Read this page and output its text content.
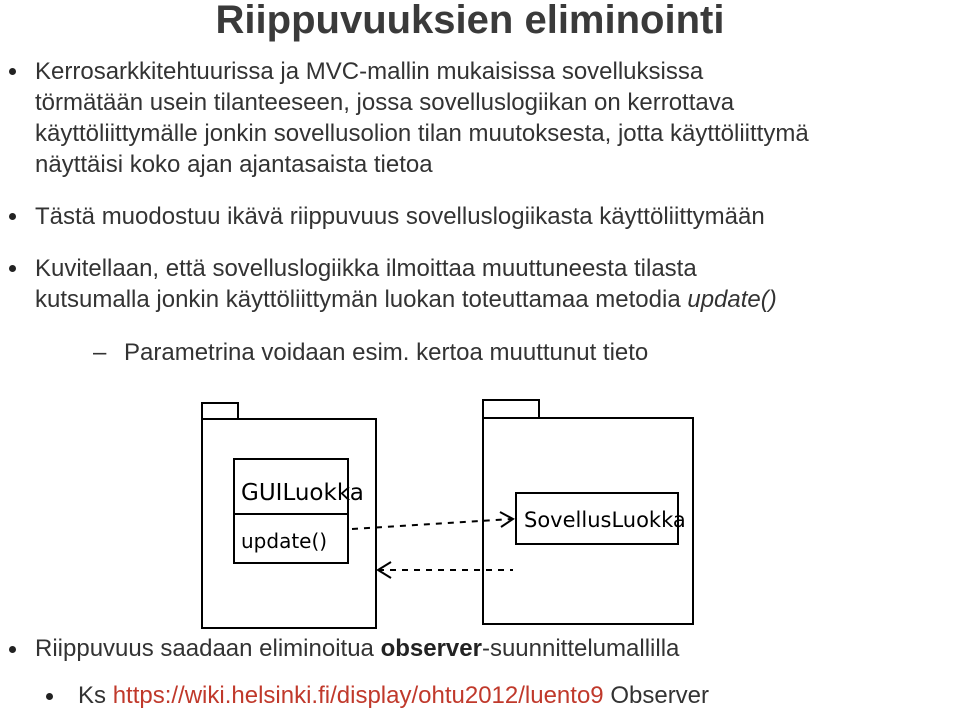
Riippuvuuksien eliminointi
Kerrosarkkitehtuurissa ja MVC-mallin mukaisissa sovelluksissa
törmätään usein tilanteeseen, jossa sovelluslogiikan on kerrottava
käyttöliittymälle jonkin sovellusolion tilan muutoksesta, jotta käyttöliittymä
näyttäisi koko ajan ajantasaista tietoa
Tästä muodostuu ikävä riippuvuus sovelluslogiikasta käyttöliittymään
Kuvitellaan, että sovelluslogiikka ilmoittaa muuttuneesta tilasta
kutsumalla jonkin käyttöliittymän luokan toteuttamaa metodia update()
– Parametrina voidaan esim. kertoa muuttunut tieto
GUILuokka
update()
SovellusLuokka
Riippuvuus saadaan eliminoitua observer-suunnittelumallilla
Ks https://wiki.helsinki.fi/display/ohtu2012/luento9 Observer
